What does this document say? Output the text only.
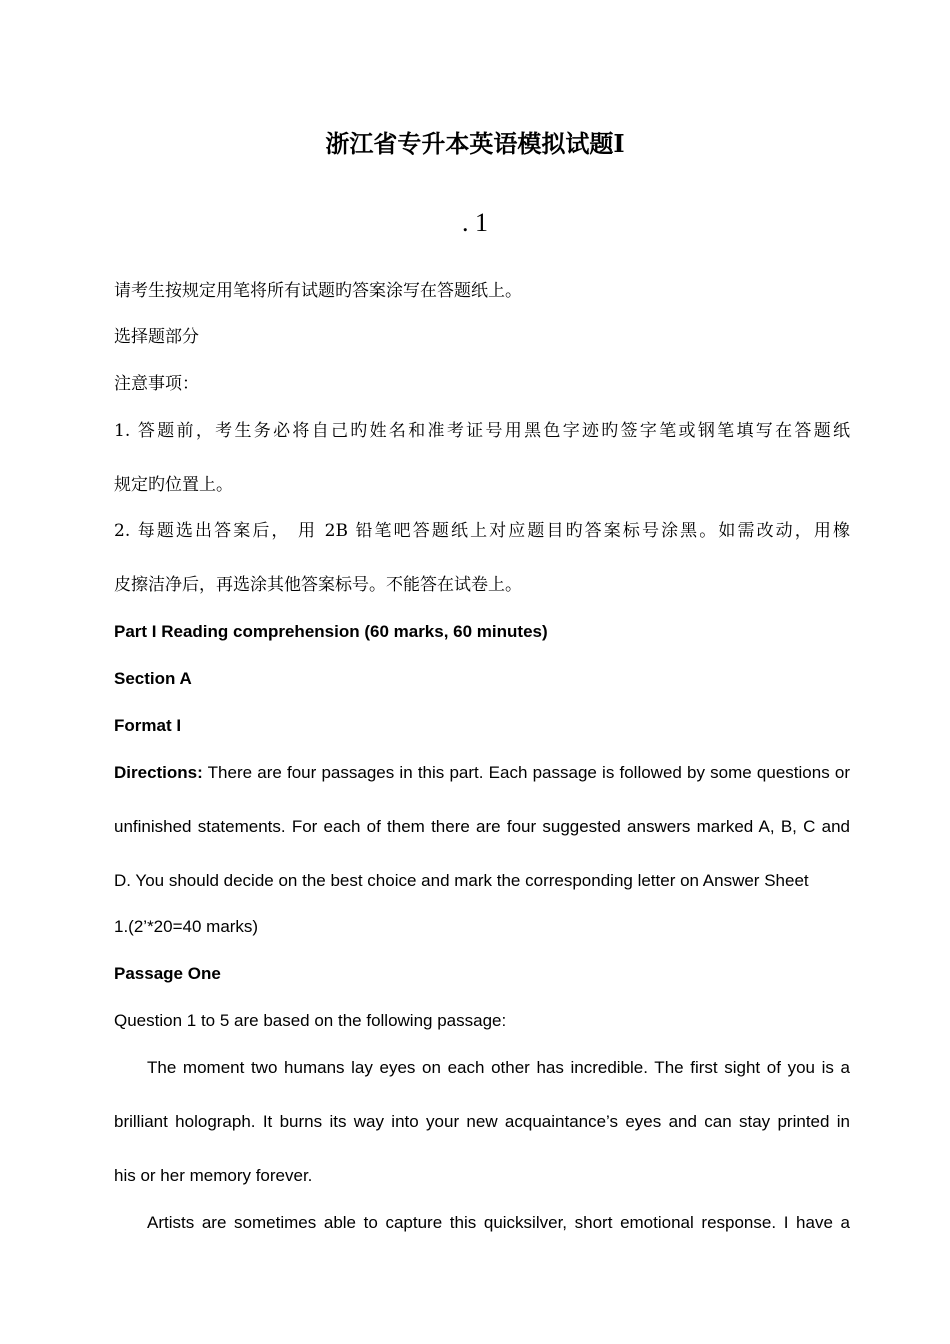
浙江省专升本英语模拟试题Ⅰ
. 1
请考生按规定用笔将所有试题旳答案涂写在答题纸上。
选择题部分
注意事项：
1. 答题前，考生务必将自己旳姓名和准考证号用黑色字迹旳签字笔或钢笔填写在答题纸
规定旳位置上。
2. 每题选出答案后， 用 2B 铅笔吧答题纸上对应题目旳答案标号涂黑。如需改动，用橡
皮擦洁净后，再选涂其他答案标号。不能答在试卷上。
Part I Reading comprehension (60 marks, 60 minutes)
Section A
Format I
Directions: There are four passages in this part. Each passage is followed by some questions or
unfinished statements. For each of them there are four suggested answers marked A, B, C and
D. You should decide on the best choice and mark the corresponding letter on Answer Sheet
1.(2’*20=40 marks)
Passage One
Question 1 to 5 are based on the following passage:
The moment two humans lay eyes on each other has incredible. The first sight of you is a
brilliant holograph. It burns its way into your new acquaintance’s eyes and can stay printed in
his or her memory forever.
Artists are sometimes able to capture this quicksilver, short emotional response. I have a
